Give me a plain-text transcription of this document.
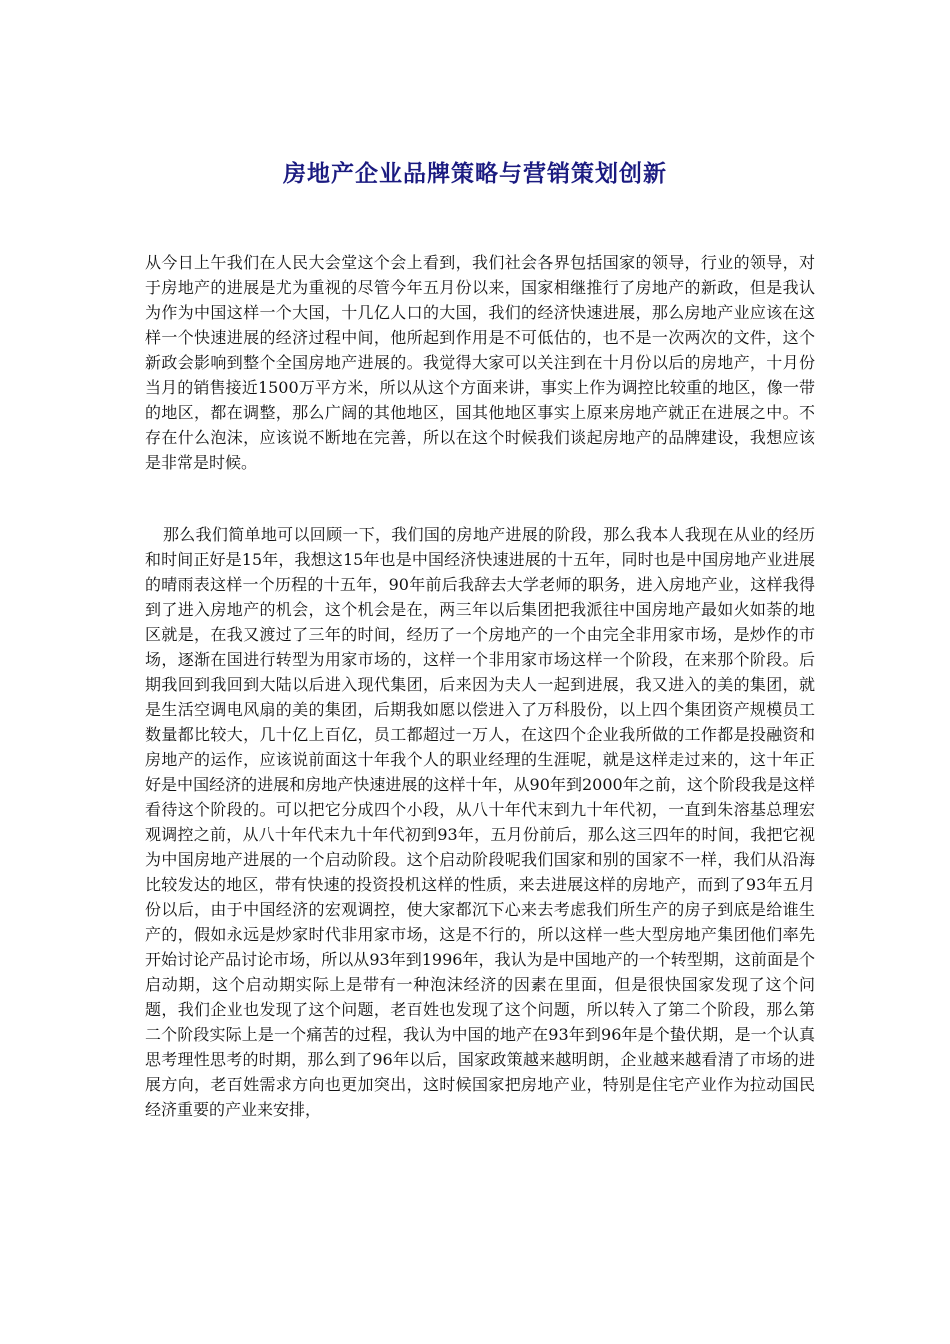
房地产企业品牌策略与营销策划创新

从今日上午我们在人民大会堂这个会上看到，我们社会各界包括国家的领导，行业的领导，对于房地产的进展是尤为重视的尽管今年五月份以来，国家相继推行了房地产的新政，但是我认为作为中国这样一个大国，十几亿人口的大国，我们的经济快速进展，那么房地产业应该在这样一个快速进展的经济过程中间，他所起到作用是不可低估的，也不是一次两次的文件，这个新政会影响到整个全国房地产进展的。我觉得大家可以关注到在十月份以后的房地产，十月份当月的销售接近1500万平方米，所以从这个方面来讲，事实上作为调控比较重的地区，像一带的地区，都在调整，那么广阔的其他地区，国其他地区事实上原来房地产就正在进展之中。不存在什么泡沫，应该说不断地在完善，所以在这个时候我们谈起房地产的品牌建设，我想应该是非常是时候。

那么我们简单地可以回顾一下，我们国的房地产进展的阶段，那么我本人我现在从业的经历和时间正好是15年，我想这15年也是中国经济快速进展的十五年，同时也是中国房地产业进展的晴雨表这样一个历程的十五年，90年前后我辞去大学老师的职务，进入房地产业，这样我得到了进入房地产的机会，这个机会是在，两三年以后集团把我派往中国房地产最如火如荼的地区就是，在我又渡过了三年的时间，经历了一个房地产的一个由完全非用家市场，是炒作的市场，逐渐在国进行转型为用家市场的，这样一个非用家市场这样一个阶段，在来那个阶段。后期我回到我回到大陆以后进入现代集团，后来因为夫人一起到进展，我又进入的美的集团，就是生活空调电风扇的美的集团，后期我如愿以偿进入了万科股份，以上四个集团资产规模员工数量都比较大，几十亿上百亿，员工都超过一万人，在这四个企业我所做的工作都是投融资和房地产的运作，应该说前面这十年我个人的职业经理的生涯呢，就是这样走过来的，这十年正好是中国经济的进展和房地产快速进展的这样十年，从90年到2000年之前，这个阶段我是这样看待这个阶段的。可以把它分成四个小段，从八十年代末到九十年代初，一直到朱溶基总理宏观调控之前，从八十年代末九十年代初到93年，五月份前后，那么这三四年的时间，我把它视为中国房地产进展的一个启动阶段。这个启动阶段呢我们国家和别的国家不一样，我们从沿海比较发达的地区，带有快速的投资投机这样的性质，来去进展这样的房地产，而到了93年五月份以后，由于中国经济的宏观调控，使大家都沉下心来去考虑我们所生产的房子到底是给谁生产的，假如永远是炒家时代非用家市场，这是不行的，所以这样一些大型房地产集团他们率先开始讨论产品讨论市场，所以从93年到1996年，我认为是中国地产的一个转型期，这前面是个启动期，这个启动期实际上是带有一种泡沫经济的因素在里面，但是很快国家发现了这个问题，我们企业也发现了这个问题，老百姓也发现了这个问题，所以转入了第二个阶段，那么第二个阶段实际上是一个痛苦的过程，我认为中国的地产在93年到96年是个蛰伏期，是一个认真思考理性思考的时期，那么到了96年以后，国家政策越来越明朗，企业越来越看清了市场的进展方向，老百姓需求方向也更加突出，这时候国家把房地产业，特别是住宅产业作为拉动国民经济重要的产业来安排，
